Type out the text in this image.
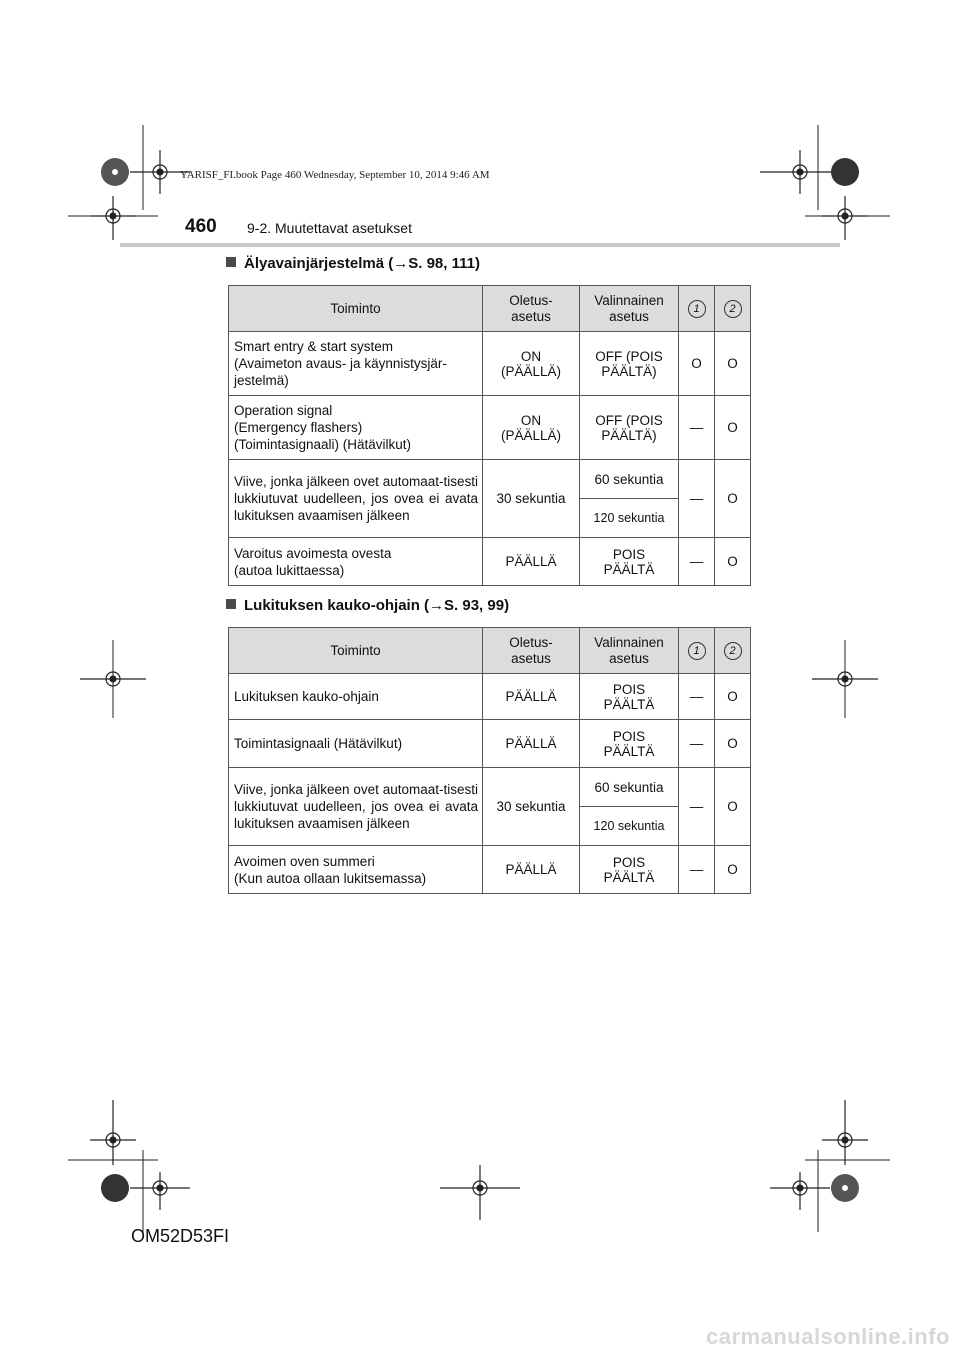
YARISF_FI.book Page 460 Wednesday, September 10, 2014 9:46 AM
460 9-2. Muutettavat asetukset
Älyavainjärjestelmä (→S. 98, 111)
Toiminto	Oletus-
asetus	Valinnainen
asetus	1	2
Smart entry & start system
(Avaimeton avaus- ja käynnistysjär-
jestelmä)	ON
(PÄÄLLÄ)	OFF (POIS
PÄÄLTÄ)	O	O
Operation signal
(Emergency flashers)
(Toimintasignaali) (Hätävilkut)	ON
(PÄÄLLÄ)	OFF (POIS
PÄÄLTÄ)	—	O
Viive, jonka jälkeen ovet automaat-tisesti lukkiutuvat uudelleen, jos ovea ei avata lukituksen avaamisen jälkeen	30 sekuntia	60 sekuntia	—	O
		120 sekuntia		
Varoitus avoimesta ovesta
(autoa lukittaessa)	PÄÄLLÄ	POIS
PÄÄLTÄ	—	O
Lukituksen kauko-ohjain (→S. 93, 99)
Toiminto	Oletus-
asetus	Valinnainen
asetus	1	2
Lukituksen kauko-ohjain	PÄÄLLÄ	POIS
PÄÄLTÄ	—	O
Toimintasignaali (Hätävilkut)	PÄÄLLÄ	POIS
PÄÄLTÄ	—	O
Viive, jonka jälkeen ovet automaat-tisesti lukkiutuvat uudelleen, jos ovea ei avata lukituksen avaamisen jälkeen	30 sekuntia	60 sekuntia	—	O
		120 sekuntia		
Avoimen oven summeri
(Kun autoa ollaan lukitsemassa)	PÄÄLLÄ	POIS
PÄÄLTÄ	—	O
OM52D53FI
carmanualsonline.info
